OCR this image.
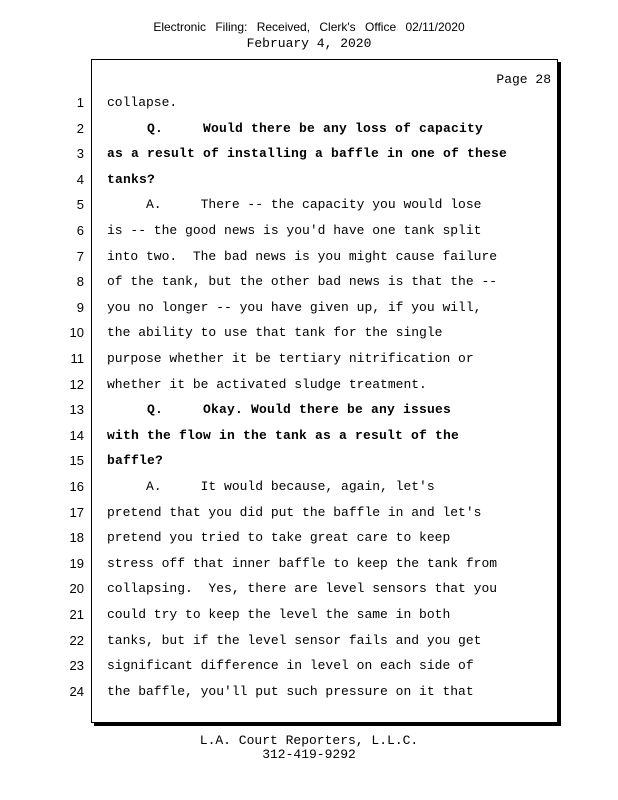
Electronic Filing: Received, Clerk's Office 02/11/2020
February 4, 2020
Page 28
1 collapse.
2 Q.     Would there be any loss of capacity
3 as a result of installing a baffle in one of these
4 tanks?
5 A.     There -- the capacity you would lose
6 is -- the good news is you'd have one tank split
7 into two.  The bad news is you might cause failure
8 of the tank, but the other bad news is that the --
9 you no longer -- you have given up, if you will,
10 the ability to use that tank for the single
11 purpose whether it be tertiary nitrification or
12 whether it be activated sludge treatment.
13 Q.     Okay. Would there be any issues
14 with the flow in the tank as a result of the
15 baffle?
16 A.     It would because, again, let's
17 pretend that you did put the baffle in and let's
18 pretend you tried to take great care to keep
19 stress off that inner baffle to keep the tank from
20 collapsing.  Yes, there are level sensors that you
21 could try to keep the level the same in both
22 tanks, but if the level sensor fails and you get
23 significant difference in level on each side of
24 the baffle, you'll put such pressure on it that
L.A. Court Reporters, L.L.C.
312-419-9292
